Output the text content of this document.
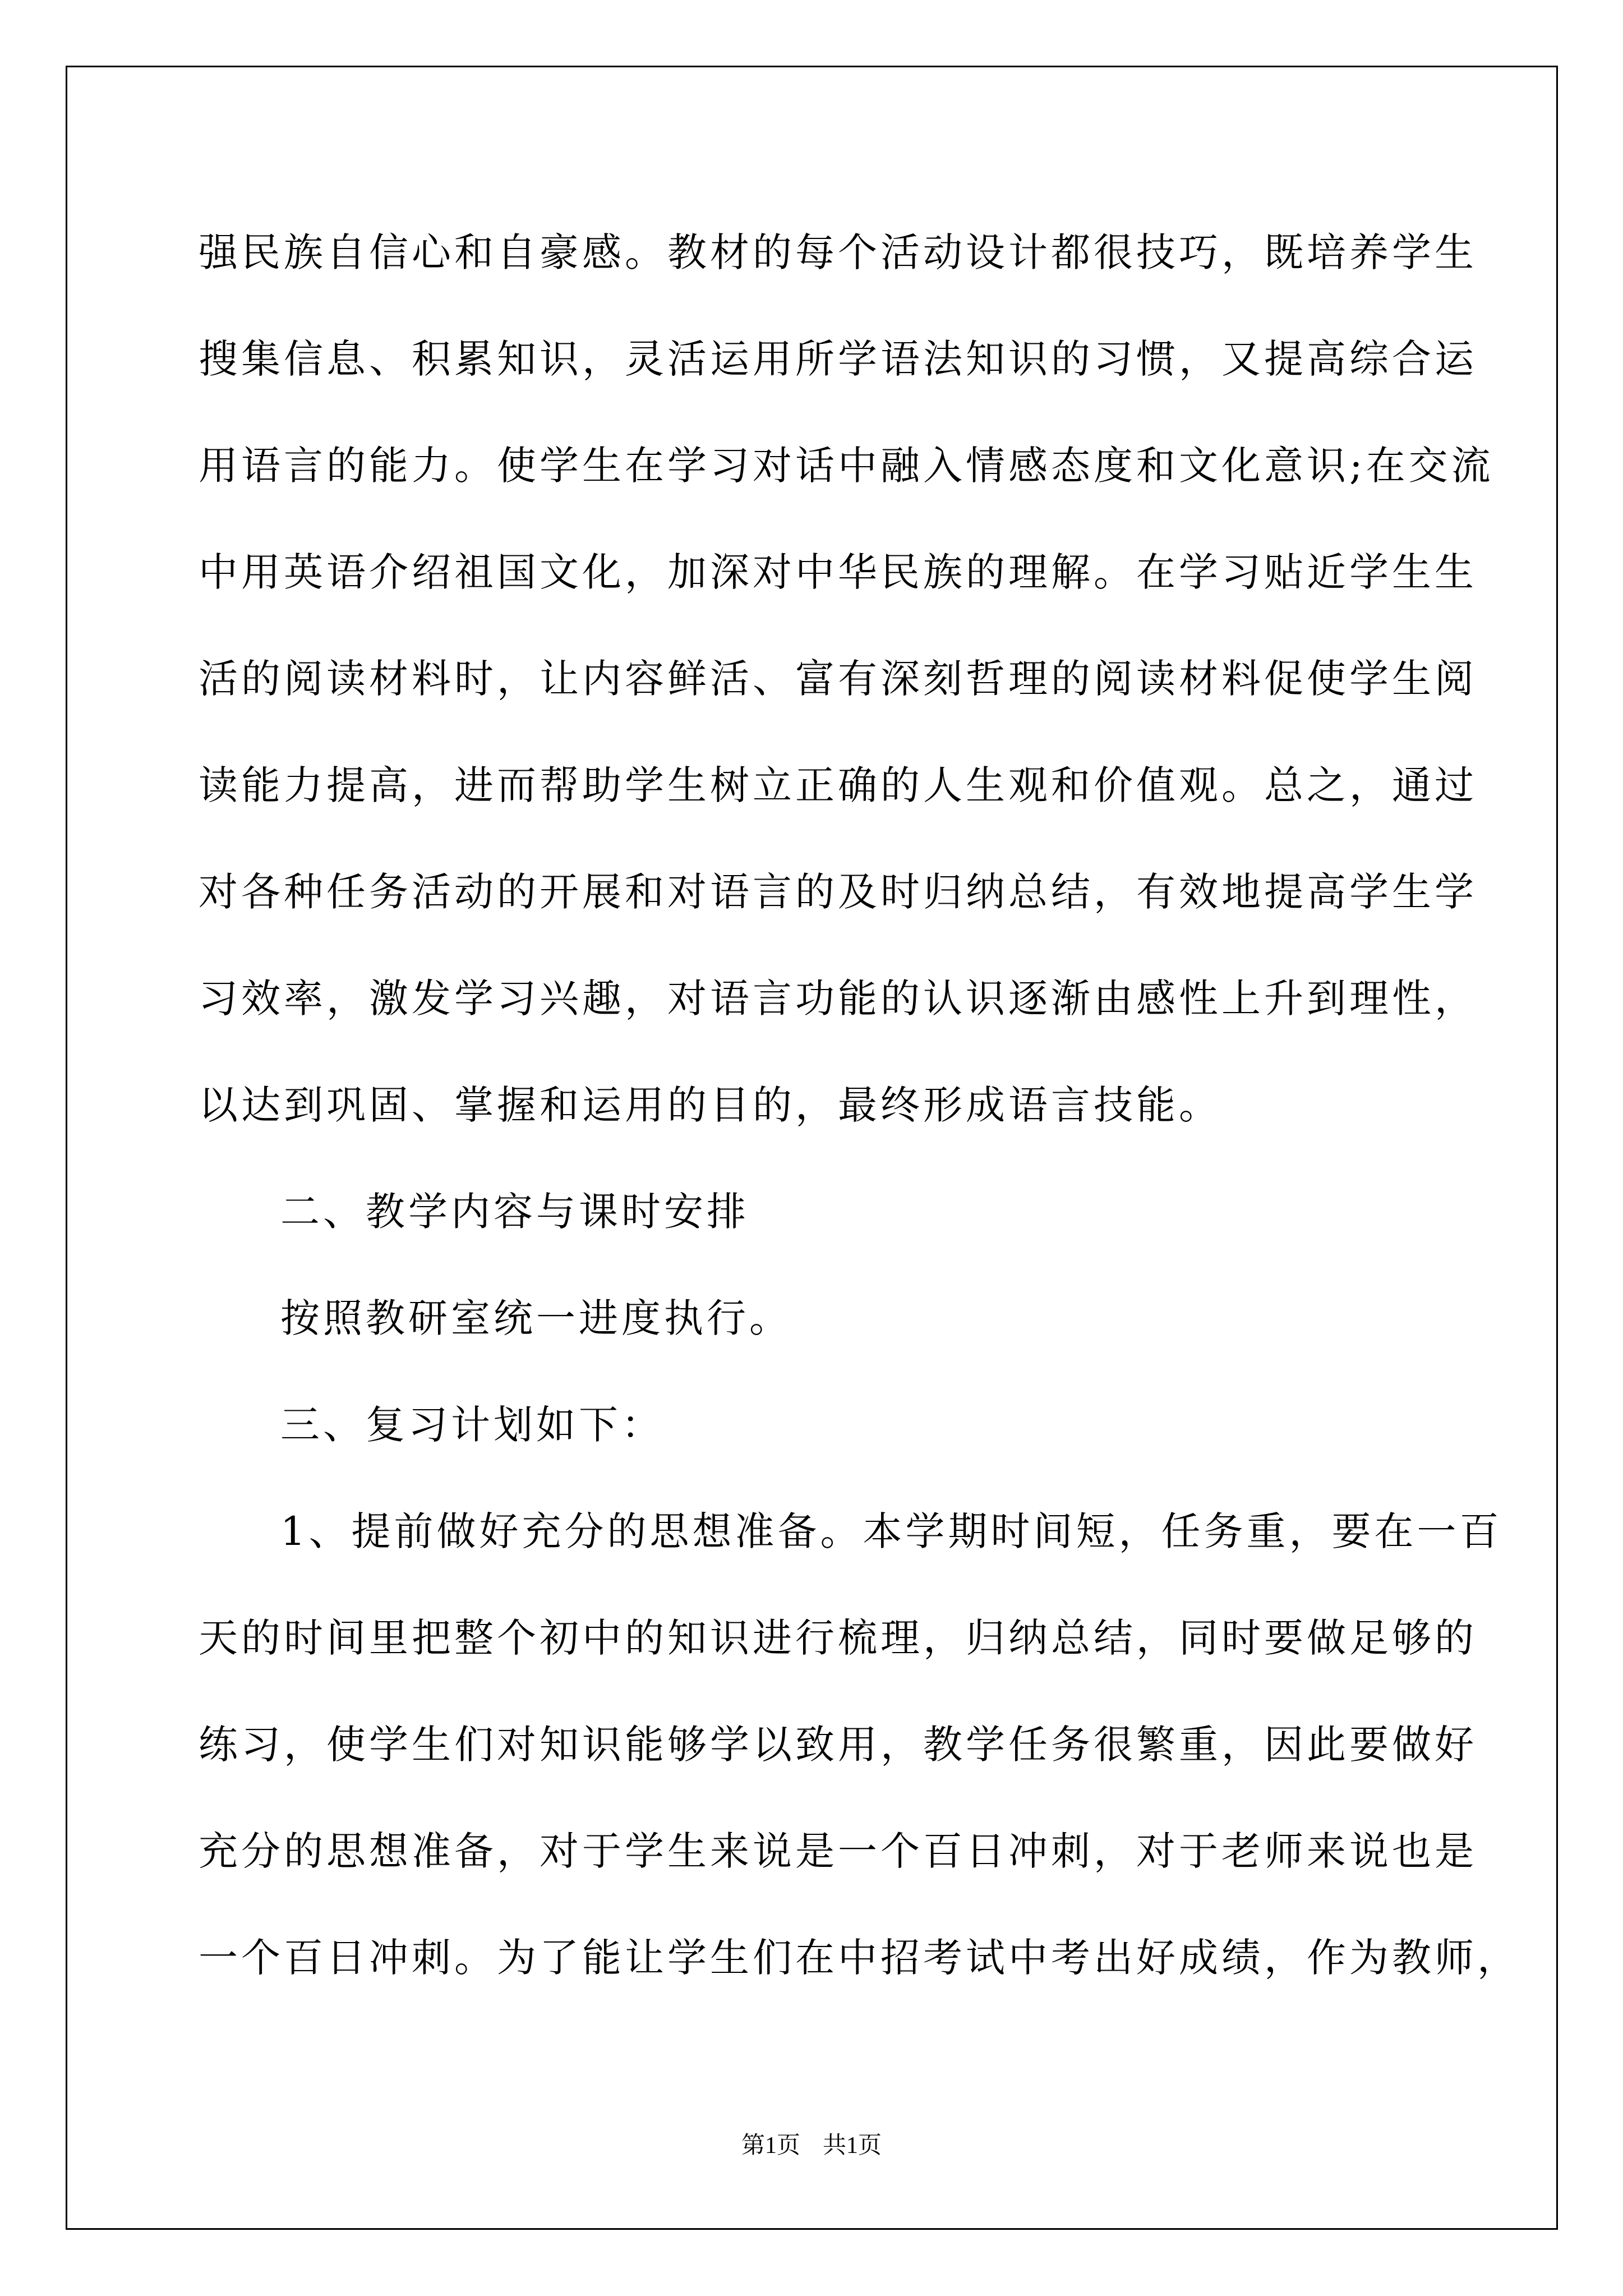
强民族自信心和自豪感。教材的每个活动设计都很技巧，既培养学生
搜集信息、积累知识，灵活运用所学语法知识的习惯，又提高综合运
用语言的能力。使学生在学习对话中融入情感态度和文化意识;在交流
中用英语介绍祖国文化，加深对中华民族的理解。在学习贴近学生生
活的阅读材料时，让内容鲜活、富有深刻哲理的阅读材料促使学生阅
读能力提高，进而帮助学生树立正确的人生观和价值观。总之，通过
对各种任务活动的开展和对语言的及时归纳总结，有效地提高学生学
习效率，激发学习兴趣，对语言功能的认识逐渐由感性上升到理性，
以达到巩固、掌握和运用的目的，最终形成语言技能。
二、教学内容与课时安排
按照教研室统一进度执行。
三、复习计划如下：
1、提前做好充分的思想准备。本学期时间短，任务重，要在一百
天的时间里把整个初中的知识进行梳理，归纳总结，同时要做足够的
练习，使学生们对知识能够学以致用，教学任务很繁重，因此要做好
充分的思想准备，对于学生来说是一个百日冲刺，对于老师来说也是
一个百日冲刺。为了能让学生们在中招考试中考出好成绩，作为教师，
第1页 共1页
